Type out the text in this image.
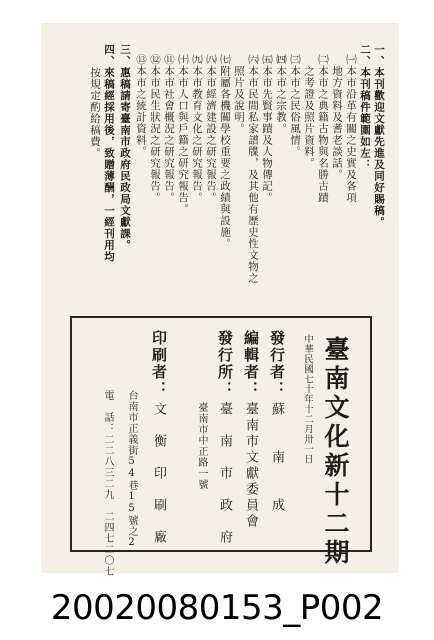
一、本刊歡迎文獻先進及同好賜稿。
二、本刊稿件範圍如左：
㈠本市沿革有關之史實及各項
　地方資料及耆老談話。
㈡本市之典籍古物與名勝古蹟
　之考證及照片資料。
㈢本市之民俗風情。
㈣本市之宗教。
㈤本市先賢事蹟及人物傳記。
㈥本市民間私家譜牒，及其他有歷史性文物之
　照片及說明。
㈦附屬各機關學校重要之政績與設施。
㈧本市經濟建設之研究報告。
㈨本市教育文化之研究報告。
㈩本市人口與戶籍之研究報告。
⑪本市社會概況之研究報告。
⑫本市民生狀況之研究報告。
⑬本市之統計資料。
三、惠稿請寄臺南市政府民政局文獻課。
四、來稿經採用後，致贈薄酬，一經刊用均
　　按規定酌給稿費。
臺南文化新十二期
中華民國七十年十二月卅一日
發行者：
蘇　　南　　成
編輯者：
臺南市文獻委員會
發行所：
臺　南　市　政　府
臺南市中正路一號
印刷者：
文　衡　印　刷　廠
台南市正義街54巷15號之2
電　話：二二八三二九　二四七二〇七
20020080153_P002
